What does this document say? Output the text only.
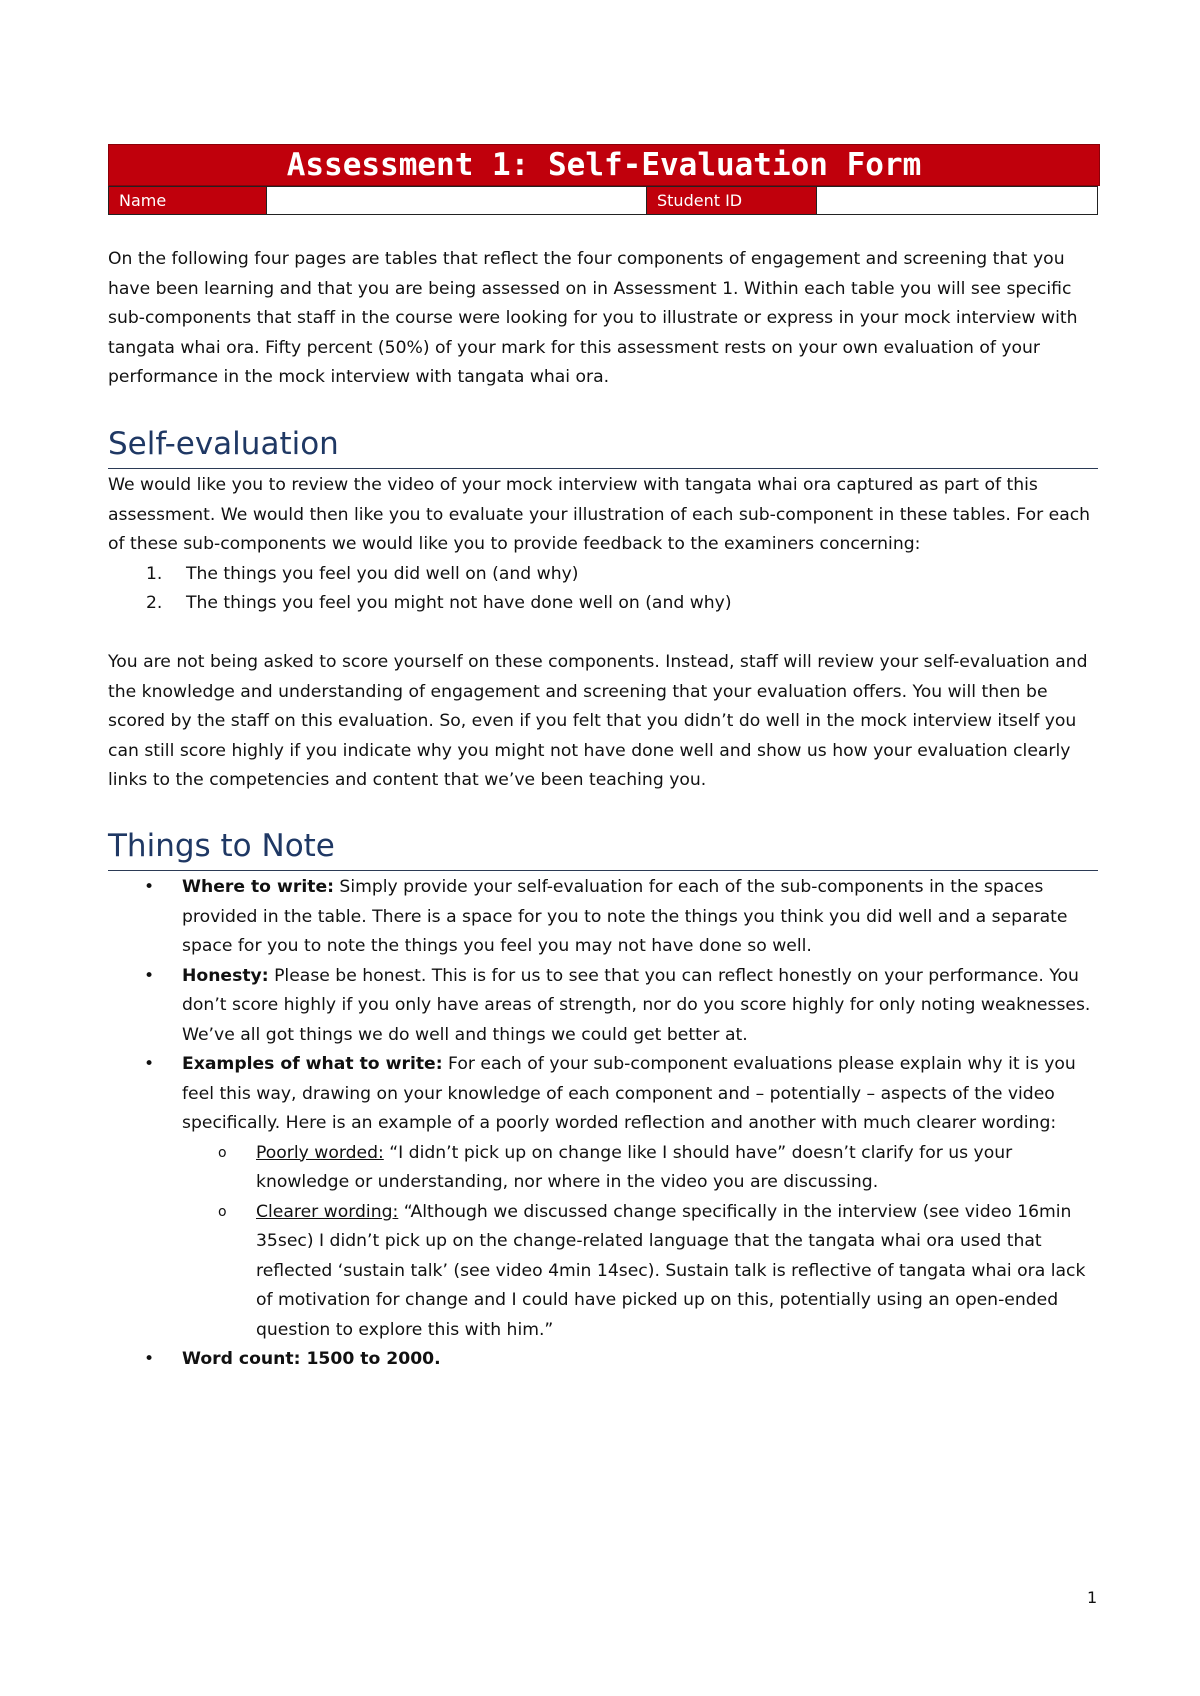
Assessment 1: Self-Evaluation Form
Name	Student ID

On the following four pages are tables that reflect the four components of engagement and screening that you have been learning and that you are being assessed on in Assessment 1. Within each table you will see specific sub-components that staff in the course were looking for you to illustrate or express in your mock interview with tangata whai ora. Fifty percent (50%) of your mark for this assessment rests on your own evaluation of your performance in the mock interview with tangata whai ora.

Self-evaluation

We would like you to review the video of your mock interview with tangata whai ora captured as part of this assessment. We would then like you to evaluate your illustration of each sub-component in these tables. For each of these sub-components we would like you to provide feedback to the examiners concerning:

1. The things you feel you did well on (and why)
2. The things you feel you might not have done well on (and why)

You are not being asked to score yourself on these components. Instead, staff will review your self-evaluation and the knowledge and understanding of engagement and screening that your evaluation offers. You will then be scored by the staff on this evaluation. So, even if you felt that you didn’t do well in the mock interview itself you can still score highly if you indicate why you might not have done well and show us how your evaluation clearly links to the competencies and content that we’ve been teaching you.

Things to Note
• Where to write: Simply provide your self-evaluation for each of the sub-components in the spaces provided in the table. There is a space for you to note the things you think you did well and a separate space for you to note the things you feel you may not have done so well.
• Honesty: Please be honest. This is for us to see that you can reflect honestly on your performance. You don’t score highly if you only have areas of strength, nor do you score highly for only noting weaknesses. We’ve all got things we do well and things we could get better at.
• Examples of what to write: For each of your sub-component evaluations please explain why it is you feel this way, drawing on your knowledge of each component and – potentially – aspects of the video specifically. Here is an example of a poorly worded reflection and another with much clearer wording:
o Poorly worded: “I didn’t pick up on change like I should have” doesn’t clarify for us your knowledge or understanding, nor where in the video you are discussing.
o Clearer wording: “Although we discussed change specifically in the interview (see video 16min 35sec) I didn’t pick up on the change-related language that the tangata whai ora used that reflected ‘sustain talk’ (see video 4min 14sec). Sustain talk is reflective of tangata whai ora lack of motivation for change and I could have picked up on this, potentially using an open-ended question to explore this with him.”
• Word count: 1500 to 2000.
1
